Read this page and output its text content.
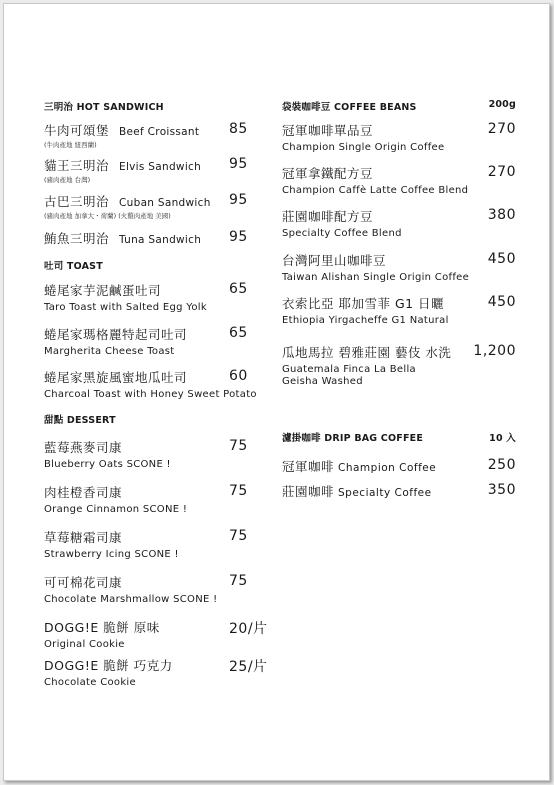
三明治 HOT SANDWICH
牛肉可頌堡 Beef Croissant
(牛肉產地 紐西蘭)
85
貓王三明治 Elvis Sandwich
(豬肉產地 台灣)
95
古巴三明治 Cuban Sandwich
(豬肉產地 加拿大・荷蘭) (火雞肉產地 美國)
95
鮪魚三明治 Tuna Sandwich 95
吐司 TOAST
蜷尾家芋泥鹹蛋吐司
Taro Toast with Salted Egg Yolk
65
蜷尾家瑪格麗特起司吐司
Margherita Cheese Toast
65
蜷尾家黑旋風蜜地瓜吐司
Charcoal Toast with Honey Sweet Potato
60
甜點 DESSERT
藍莓燕麥司康
Blueberry Oats SCONE !
75
肉桂橙香司康
Orange Cinnamon SCONE !
75
草莓糖霜司康
Strawberry Icing SCONE !
75
可可棉花司康
Chocolate Marshmallow SCONE !
75
DOGG!E 脆餅 原味
Original Cookie
20/片
DOGG!E 脆餅 巧克力
Chocolate Cookie
25/片
袋裝咖啡豆 COFFEE BEANS	200g
冠軍咖啡單品豆
Champion Single Origin Coffee
270
冠軍拿鐵配方豆
Champion Caffè Latte Coffee Blend
270
莊園咖啡配方豆
Specialty Coffee Blend
380
台灣阿里山咖啡豆
Taiwan Alishan Single Origin Coffee
450
衣索比亞 耶加雪菲 G1 日曬
Ethiopia Yirgacheffe G1 Natural
450
瓜地馬拉 碧雅莊園 藝伎 水洗
Guatemala Finca La Bella
Geisha Washed
1,200
濾掛咖啡 DRIP BAG COFFEE	10 入
冠軍咖啡 Champion Coffee	250
莊園咖啡 Specialty Coffee	350
